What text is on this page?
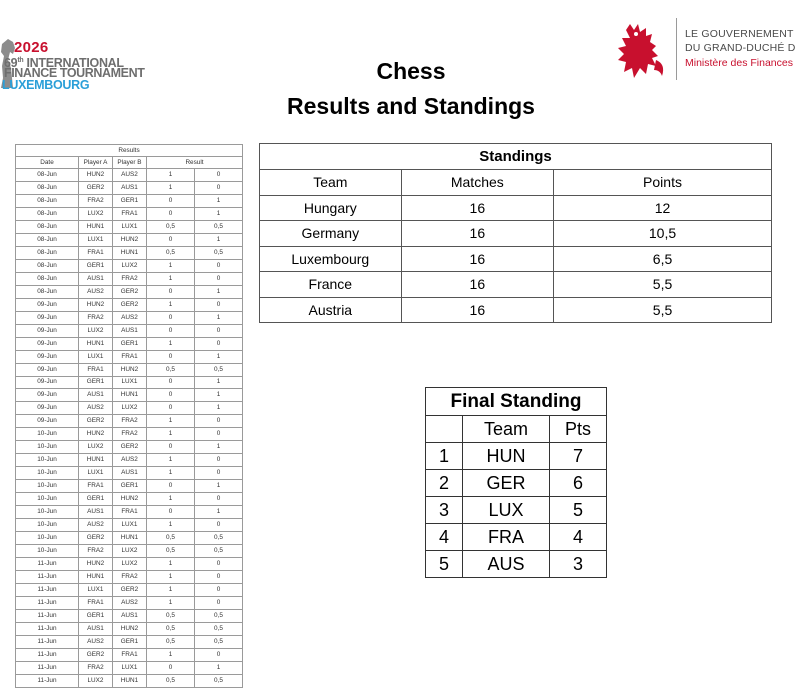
2026
69th INTERNATIONAL
FINANCE TOURNAMENT
LUXEMBOURG
LE GOUVERNEMENT
DU GRAND-DUCHÉ D
Ministère des Finances
Chess
Results and Standings
Results				
Date	Player A	Player B	Result	
08-Jun	HUN2	AUS2	1	0
08-Jun	GER2	AUS1	1	0
08-Jun	FRA2	GER1	0	1
08-Jun	LUX2	FRA1	0	1
08-Jun	HUN1	LUX1	0,5	0,5
08-Jun	LUX1	HUN2	0	1
08-Jun	FRA1	HUN1	0,5	0,5
08-Jun	GER1	LUX2	1	0
08-Jun	AUS1	FRA2	1	0
08-Jun	AUS2	GER2	0	1
09-Jun	HUN2	GER2	1	0
09-Jun	FRA2	AUS2	0	1
09-Jun	LUX2	AUS1	0	0
09-Jun	HUN1	GER1	1	0
09-Jun	LUX1	FRA1	0	1
09-Jun	FRA1	HUN2	0,5	0,5
09-Jun	GER1	LUX1	0	1
09-Jun	AUS1	HUN1	0	1
09-Jun	AUS2	LUX2	0	1
09-Jun	GER2	FRA2	1	0
10-Jun	HUN2	FRA2	1	0
10-Jun	LUX2	GER2	0	1
10-Jun	HUN1	AUS2	1	0
10-Jun	LUX1	AUS1	1	0
10-Jun	FRA1	GER1	0	1
10-Jun	GER1	HUN2	1	0
10-Jun	AUS1	FRA1	0	1
10-Jun	AUS2	LUX1	1	0
10-Jun	GER2	HUN1	0,5	0,5
10-Jun	FRA2	LUX2	0,5	0,5
11-Jun	HUN2	LUX2	1	0
11-Jun	HUN1	FRA2	1	0
11-Jun	LUX1	GER2	1	0
11-Jun	FRA1	AUS2	1	0
11-Jun	GER1	AUS1	0,5	0,5
11-Jun	AUS1	HUN2	0,5	0,5
11-Jun	AUS2	GER1	0,5	0,5
11-Jun	GER2	FRA1	1	0
11-Jun	FRA2	LUX1	0	1
11-Jun	LUX2	HUN1	0,5	0,5
Standings		
Team	Matches	Points
Hungary	16	12
Germany	16	10,5
Luxembourg	16	6,5
France	16	5,5
Austria	16	5,5
Final Standing		
	Team	Pts
1	HUN	7
2	GER	6
3	LUX	5
4	FRA	4
5	AUS	3
